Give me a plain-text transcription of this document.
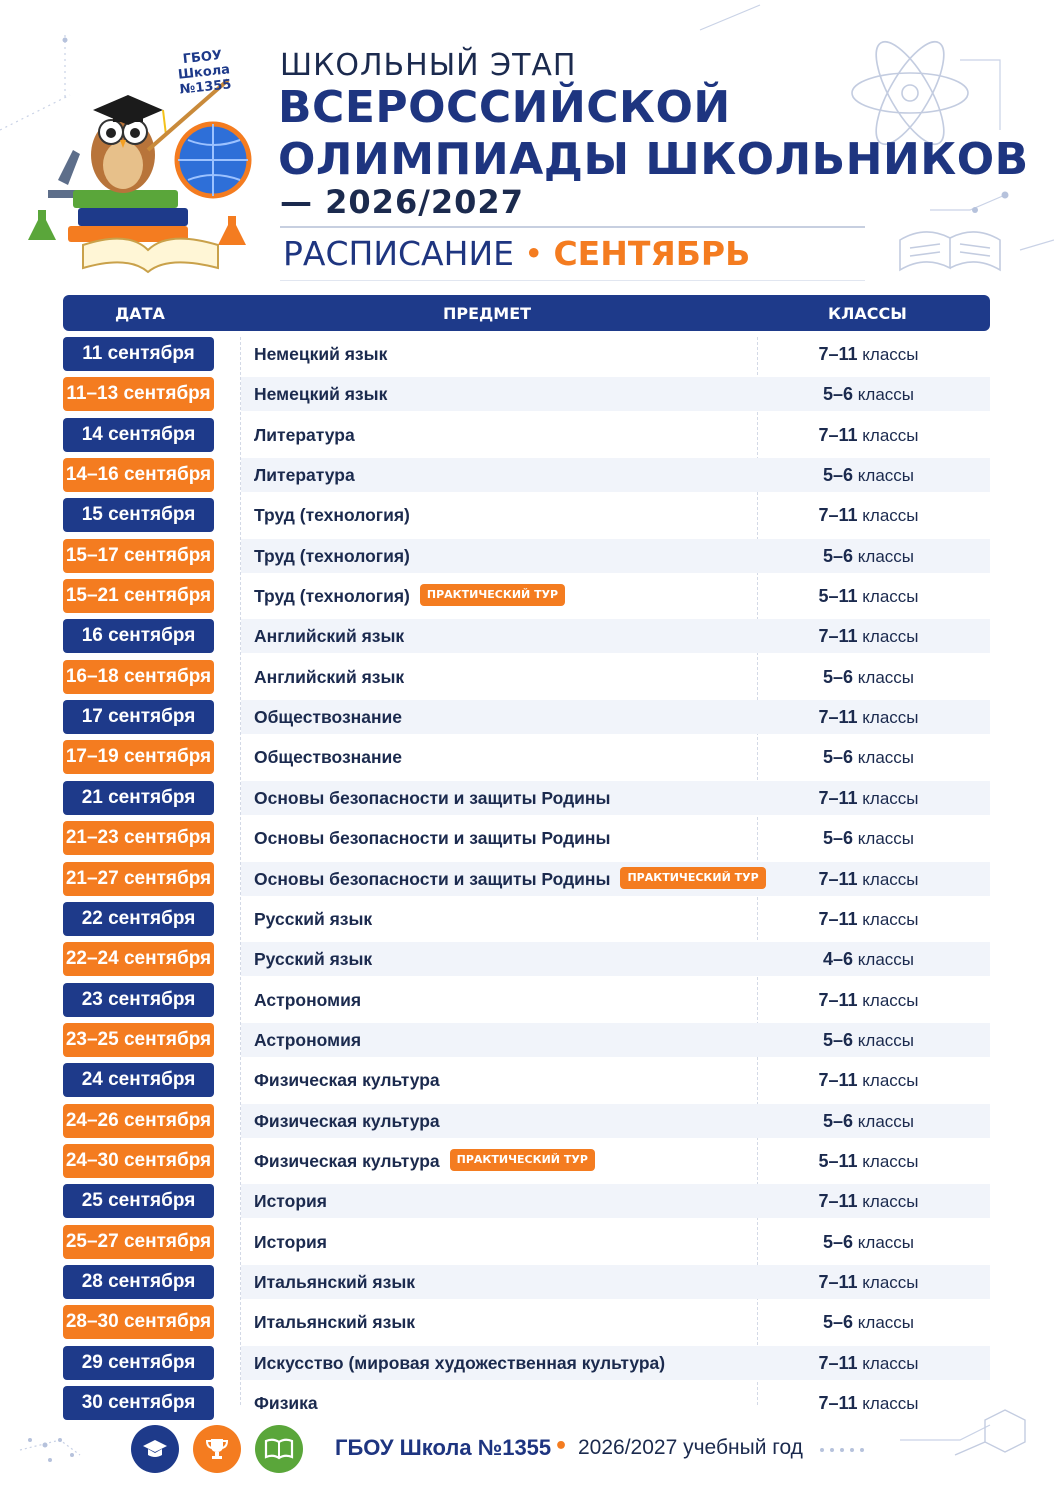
ГБОУ
Школа
№1355
ШКОЛЬНЫЙ ЭТАП
ВСЕРОССИЙСКОЙ
ОЛИМПИАДЫ ШКОЛЬНИКОВ
— 2026/2027
РАСПИСАНИЕ • СЕНТЯБРЬ
ДАТА	ПРЕДМЕТ	КЛАССЫ
11 сентября	Немецкий язык	7–11 классы
11–13 сентября Немецкий язык	5–6 классы
14 сентября	Литература	7–11 классы
14–16 сентября Литература	5–6 классы
15 сентября	Труд (технология)	7–11 классы
15–17 сентября Труд (технология)	5–6 классы
15–21 сентября Труд (технология) ПРАКТИЧЕСКИЙ ТУР	5–11 классы
16 сентября	Английский язык	7–11 классы
16–18 сентября Английский язык	5–6 классы
17 сентября	Обществознание	7–11 классы
17–19 сентября Обществознание	5–6 классы
21 сентября	Основы безопасности и защиты Родины	7–11 классы
21–23 сентября Основы безопасности и защиты Родины	5–6 классы
21–27 сентября Основы безопасности и защиты Родины ПРАКТИЧЕСКИЙ ТУР	7–11 классы
22 сентября	Русский язык	7–11 классы
22–24 сентября Русский язык	4–6 классы
23 сентября	Астрономия	7–11 классы
23–25 сентября Астрономия	5–6 классы
24 сентября	Физическая культура	7–11 классы
24–26 сентября Физическая культура	5–6 классы
24–30 сентября Физическая культура ПРАКТИЧЕСКИЙ ТУР	5–11 классы
25 сентября	История	7–11 классы
25–27 сентября История	5–6 классы
28 сентября	Итальянский язык	7–11 классы
28–30 сентября Итальянский язык	5–6 классы
29 сентября	Искусство (мировая художественная культура)	7–11 классы
30 сентября	Физика	7–11 классы
ГБОУ Школа №1355 • 2026/2027 учебный год
